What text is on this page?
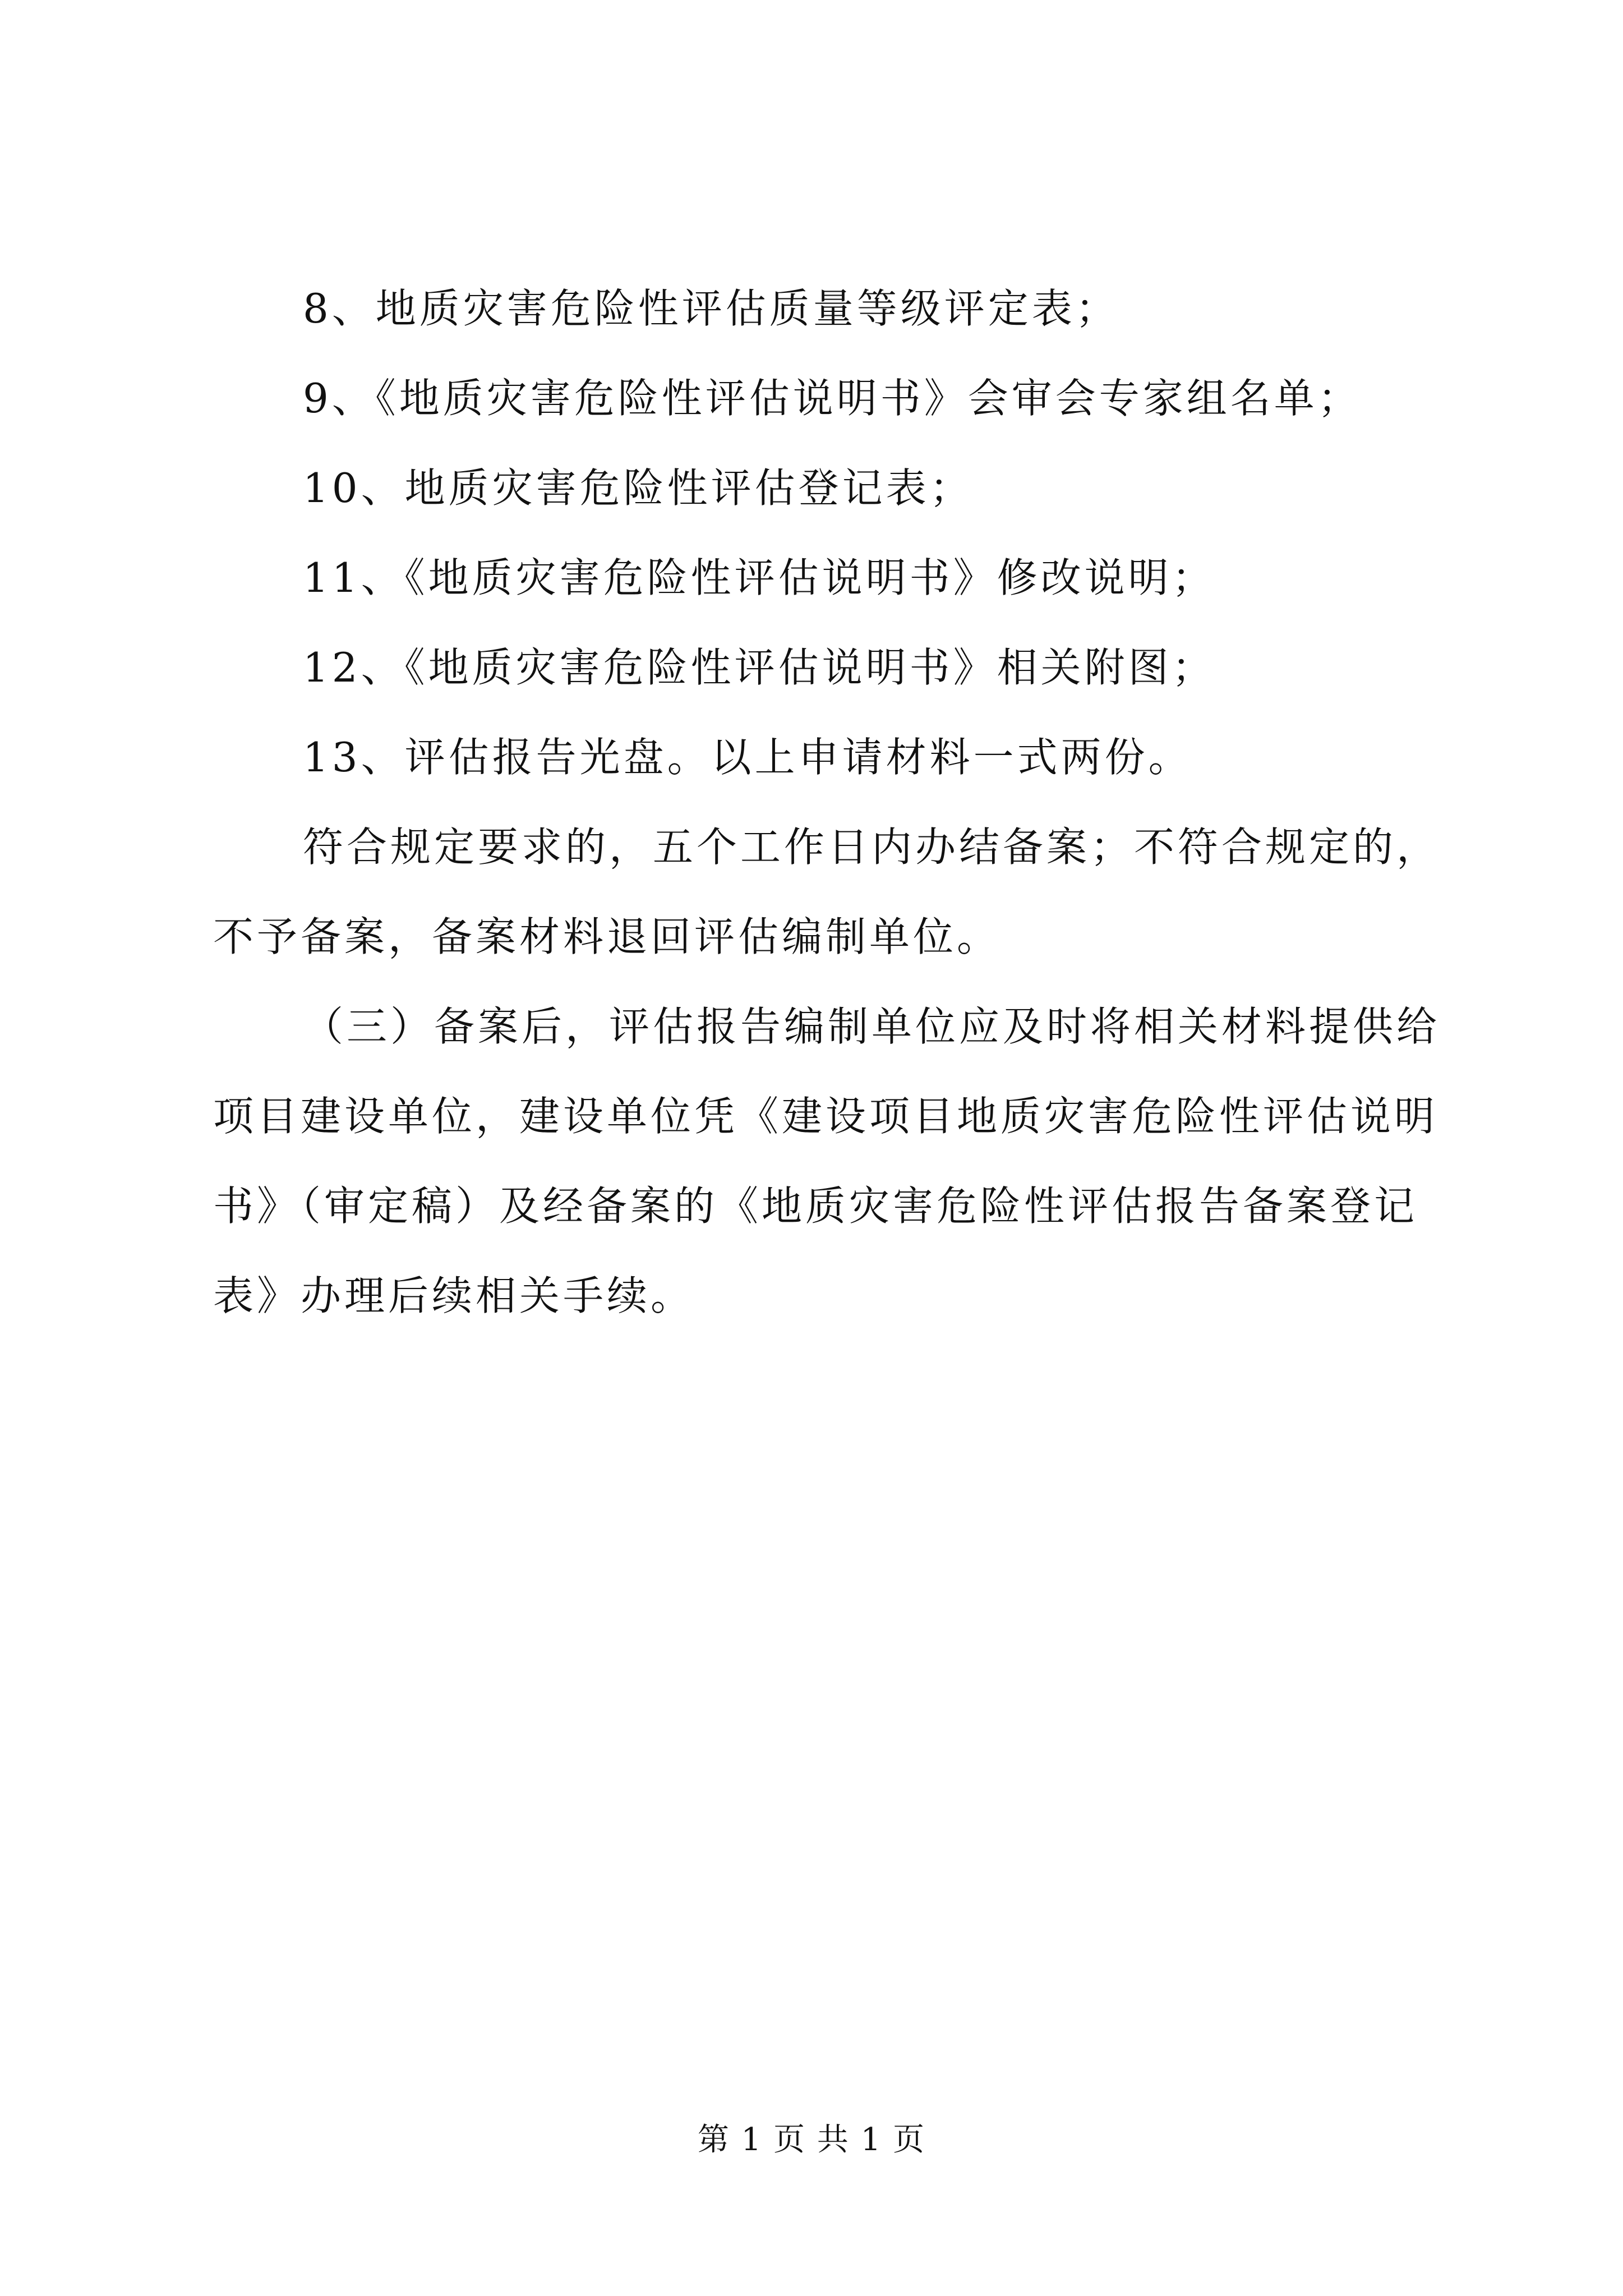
8、地质灾害危险性评估质量等级评定表；
9、《地质灾害危险性评估说明书》会审会专家组名单；
10、地质灾害危险性评估登记表；
11、《地质灾害危险性评估说明书》修改说明；
12、《地质灾害危险性评估说明书》相关附图；
13、评估报告光盘。以上申请材料一式两份。
符合规定要求的，五个工作日内办结备案；不符合规定的，
不予备案，备案材料退回评估编制单位。
（三）备案后，评估报告编制单位应及时将相关材料提供给
项目建设单位，建设单位凭《建设项目地质灾害危险性评估说明
书》（审定稿）及经备案的《地质灾害危险性评估报告备案登记
表》办理后续相关手续。
第 1 页 共 1 页
